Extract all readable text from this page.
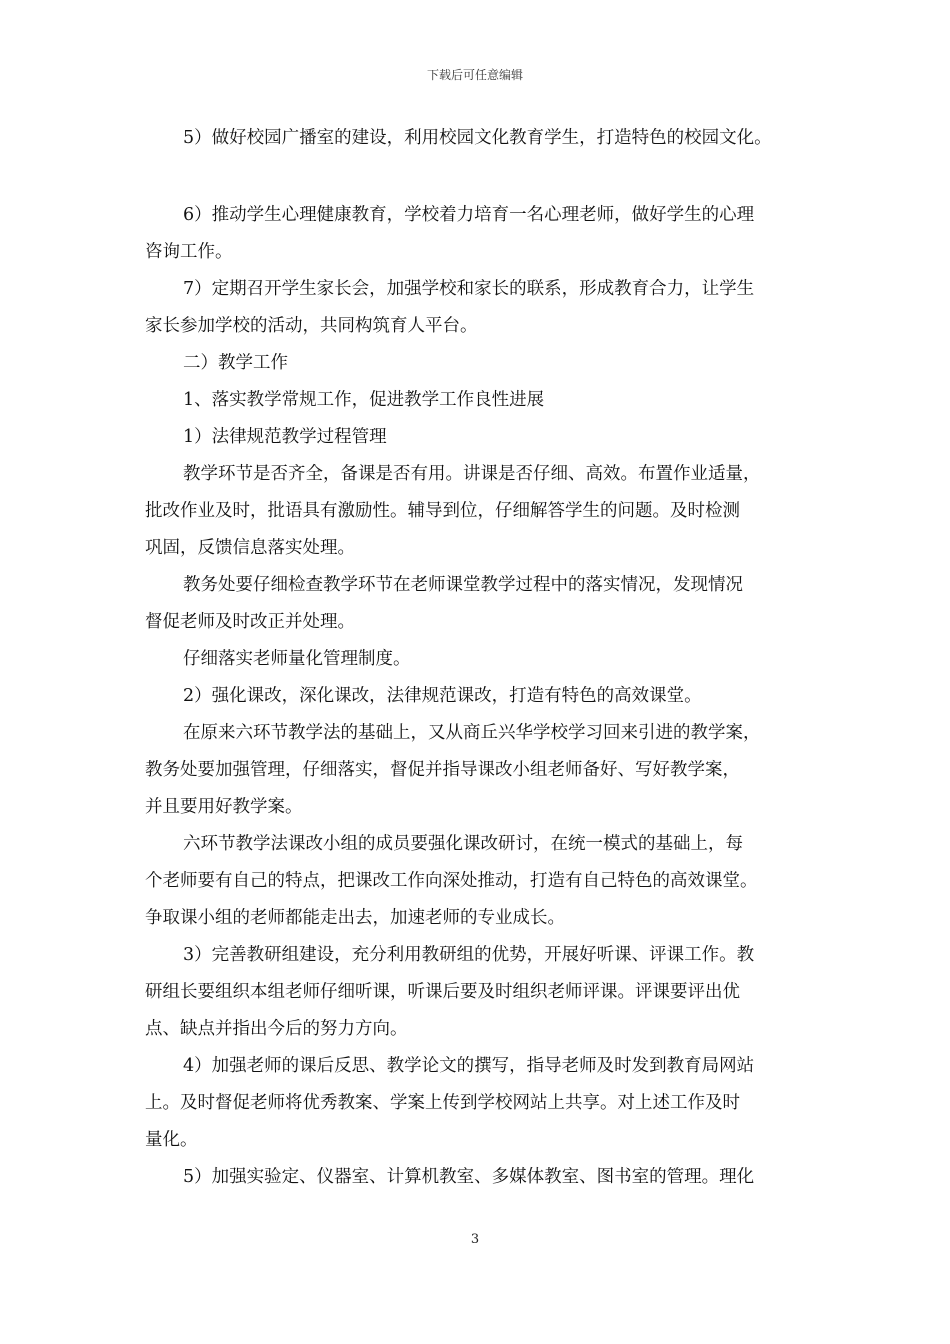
下载后可任意编辑

5）做好校园广播室的建设，利用校园文化教育学生，打造特色的校园文化。

6）推动学生心理健康教育，学校着力培育一名心理老师，做好学生的心理
咨询工作。

7）定期召开学生家长会，加强学校和家长的联系，形成教育合力，让学生
家长参加学校的活动，共同构筑育人平台。

二）教学工作

1、落实教学常规工作，促进教学工作良性进展

1）法律规范教学过程管理

教学环节是否齐全，备课是否有用。讲课是否仔细、高效。布置作业适量，
批改作业及时，批语具有激励性。辅导到位，仔细解答学生的问题。及时检测
巩固，反馈信息落实处理。

教务处要仔细检查教学环节在老师课堂教学过程中的落实情况，发现情况
督促老师及时改正并处理。

仔细落实老师量化管理制度。

2）强化课改，深化课改，法律规范课改，打造有特色的高效课堂。

在原来六环节教学法的基础上，又从商丘兴华学校学习回来引进的教学案，
教务处要加强管理，仔细落实，督促并指导课改小组老师备好、写好教学案，
并且要用好教学案。

六环节教学法课改小组的成员要强化课改研讨，在统一模式的基础上，每
个老师要有自己的特点，把课改工作向深处推动，打造有自己特色的高效课堂。
争取课小组的老师都能走出去，加速老师的专业成长。

3）完善教研组建设，充分利用教研组的优势，开展好听课、评课工作。教
研组长要组织本组老师仔细听课，听课后要及时组织老师评课。评课要评出优
点、缺点并指出今后的努力方向。

4）加强老师的课后反思、教学论文的撰写，指导老师及时发到教育局网站
上。及时督促老师将优秀教案、学案上传到学校网站上共享。对上述工作及时
量化。

5）加强实验定、仪器室、计算机教室、多媒体教室、图书室的管理。理化

3
